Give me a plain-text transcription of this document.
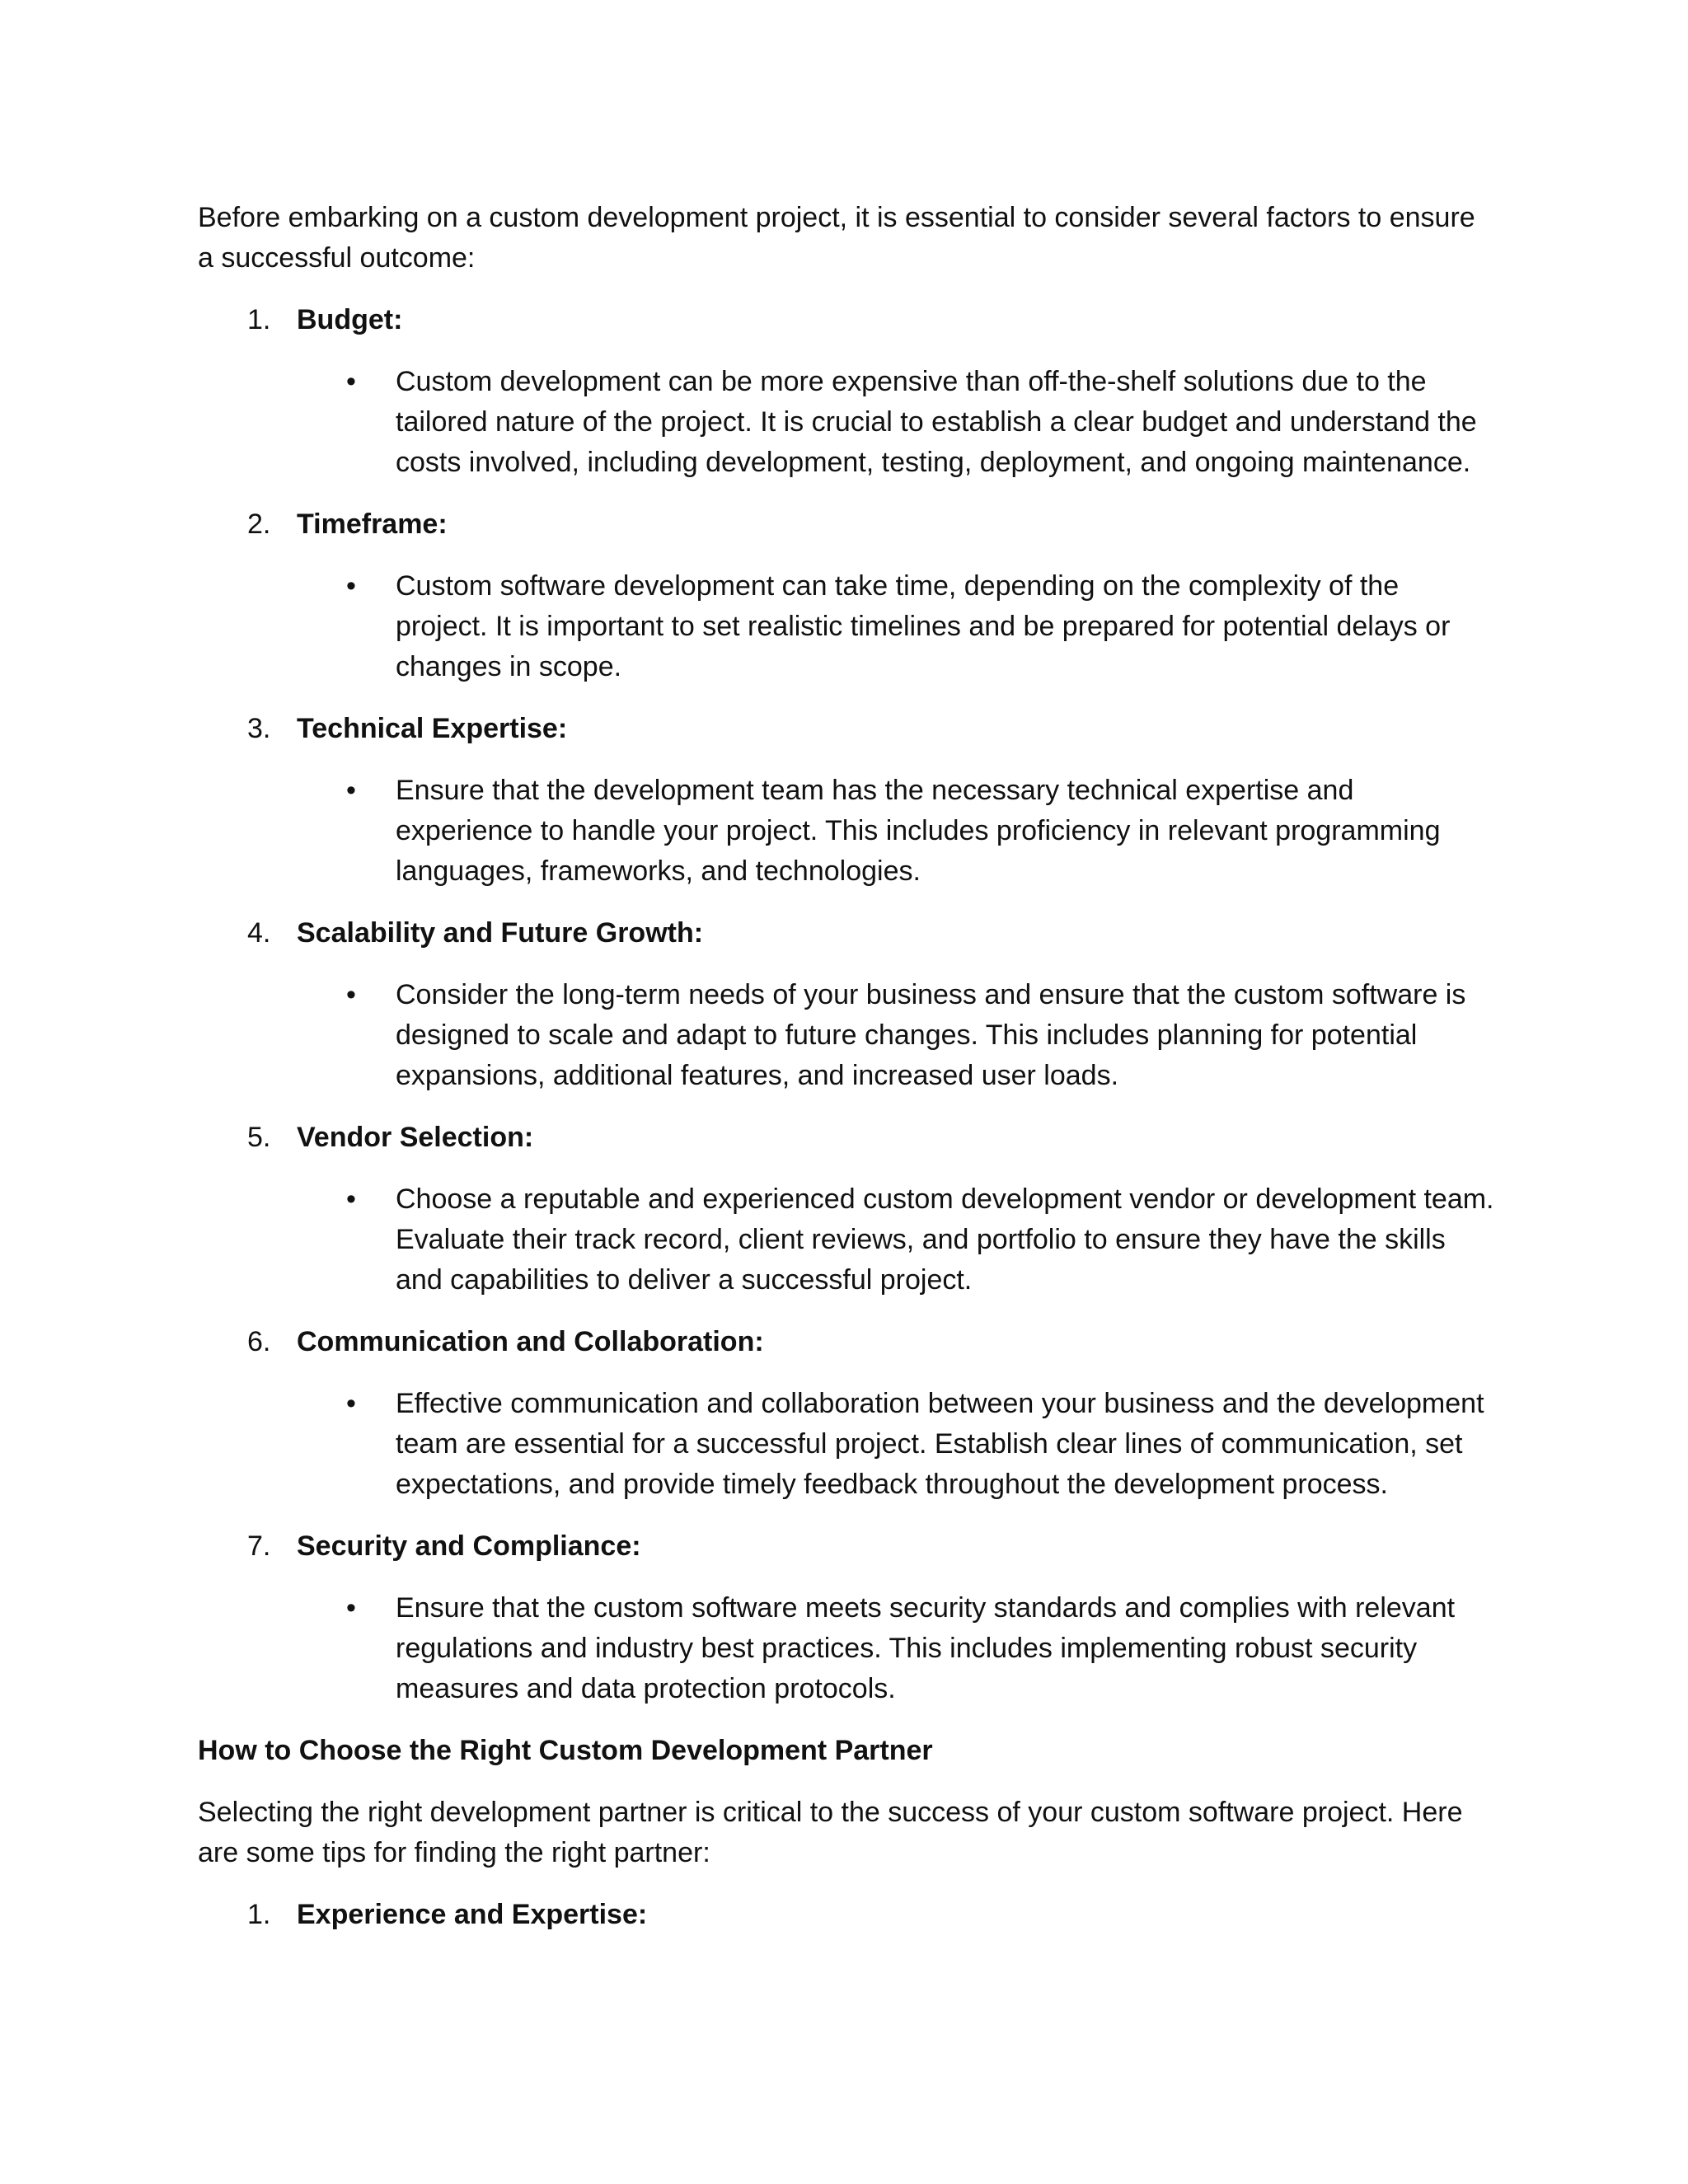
Before embarking on a custom development project, it is essential to consider several factors to ensure a successful outcome:

1. Budget:
• Custom development can be more expensive than off-the-shelf solutions due to the tailored nature of the project. It is crucial to establish a clear budget and understand the costs involved, including development, testing, deployment, and ongoing maintenance.
2. Timeframe:
• Custom software development can take time, depending on the complexity of the project. It is important to set realistic timelines and be prepared for potential delays or changes in scope.
3. Technical Expertise:
• Ensure that the development team has the necessary technical expertise and experience to handle your project. This includes proficiency in relevant programming languages, frameworks, and technologies.
4. Scalability and Future Growth:
• Consider the long-term needs of your business and ensure that the custom software is designed to scale and adapt to future changes. This includes planning for potential expansions, additional features, and increased user loads.
5. Vendor Selection:
• Choose a reputable and experienced custom development vendor or development team. Evaluate their track record, client reviews, and portfolio to ensure they have the skills and capabilities to deliver a successful project.
6. Communication and Collaboration:
• Effective communication and collaboration between your business and the development team are essential for a successful project. Establish clear lines of communication, set expectations, and provide timely feedback throughout the development process.
7. Security and Compliance:
• Ensure that the custom software meets security standards and complies with relevant regulations and industry best practices. This includes implementing robust security measures and data protection protocols.

How to Choose the Right Custom Development Partner

Selecting the right development partner is critical to the success of your custom software project. Here are some tips for finding the right partner:

1. Experience and Expertise:
